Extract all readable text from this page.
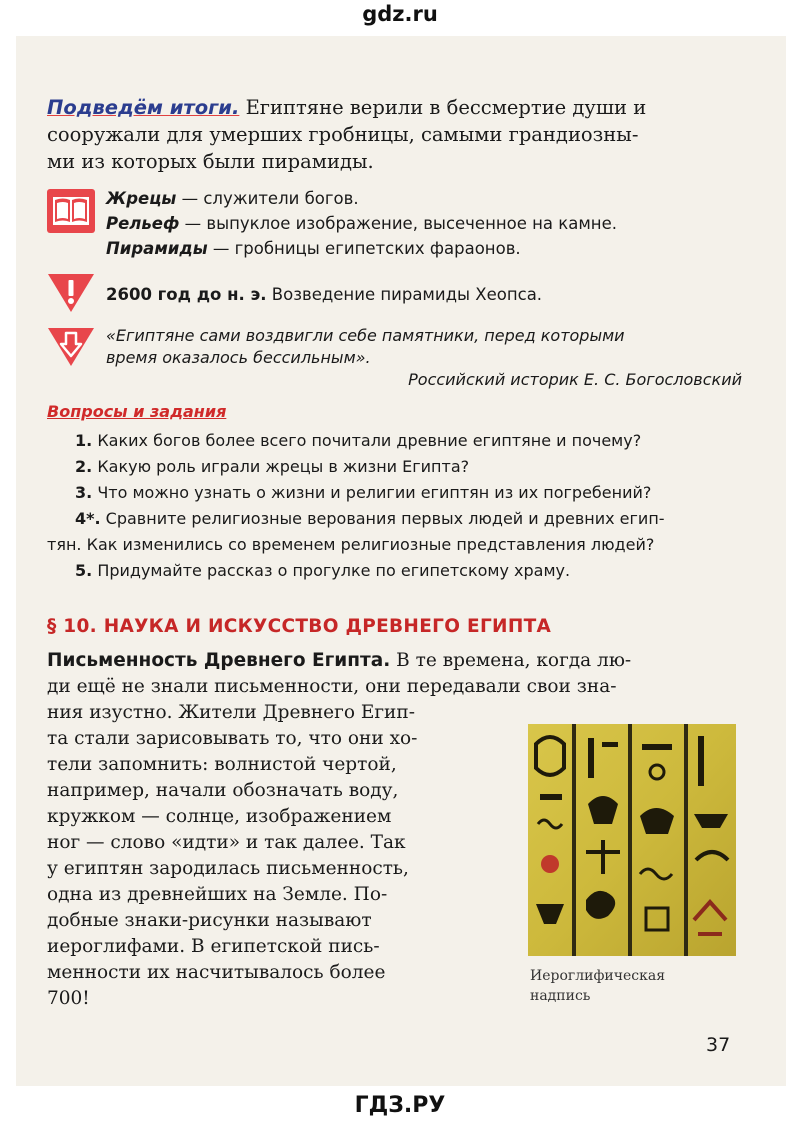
gdz.ru
Подведём итоги. Египтяне верили в бессмертие души и
сооружали для умерших гробницы, самыми грандиозны-
ми из которых были пирамиды.
Жрецы — служители богов.
Рельеф — выпуклое изображение, высеченное на камне.
Пирамиды — гробницы египетских фараонов.
2600 год до н. э. Возведение пирамиды Хеопса.
«Египтяне сами воздвигли себе памятники, перед которыми
время оказалось бессильным».
Российский историк Е. С. Богословский
Вопросы и задания
1. Каких богов более всего почитали древние египтяне и почему?
2. Какую роль играли жрецы в жизни Египта?
3. Что можно узнать о жизни и религии египтян из их погребений?
4*. Сравните религиозные верования первых людей и древних егип-
тян. Как изменились со временем религиозные представления людей?
5. Придумайте рассказ о прогулке по египетскому храму.
§ 10. НАУКА И ИСКУССТВО ДРЕВНЕГО ЕГИПТА
Письменность Древнего Египта. В те времена, когда лю-
ди ещё не знали письменности, они передавали свои зна-
ния изустно. Жители Древнего Егип-
та стали зарисовывать то, что они хо-
тели запомнить: волнистой чертой,
например, начали обозначать воду,
кружком — солнце, изображением
ног — слово «идти» и так далее. Так
у египтян зародилась письменность,
одна из древнейших на Земле. По-
добные знаки-рисунки называют
иероглифами. В египетской пись-
менности их насчитывалось более
700!
Иероглифическая
надпись
37
ГДЗ.РУ
